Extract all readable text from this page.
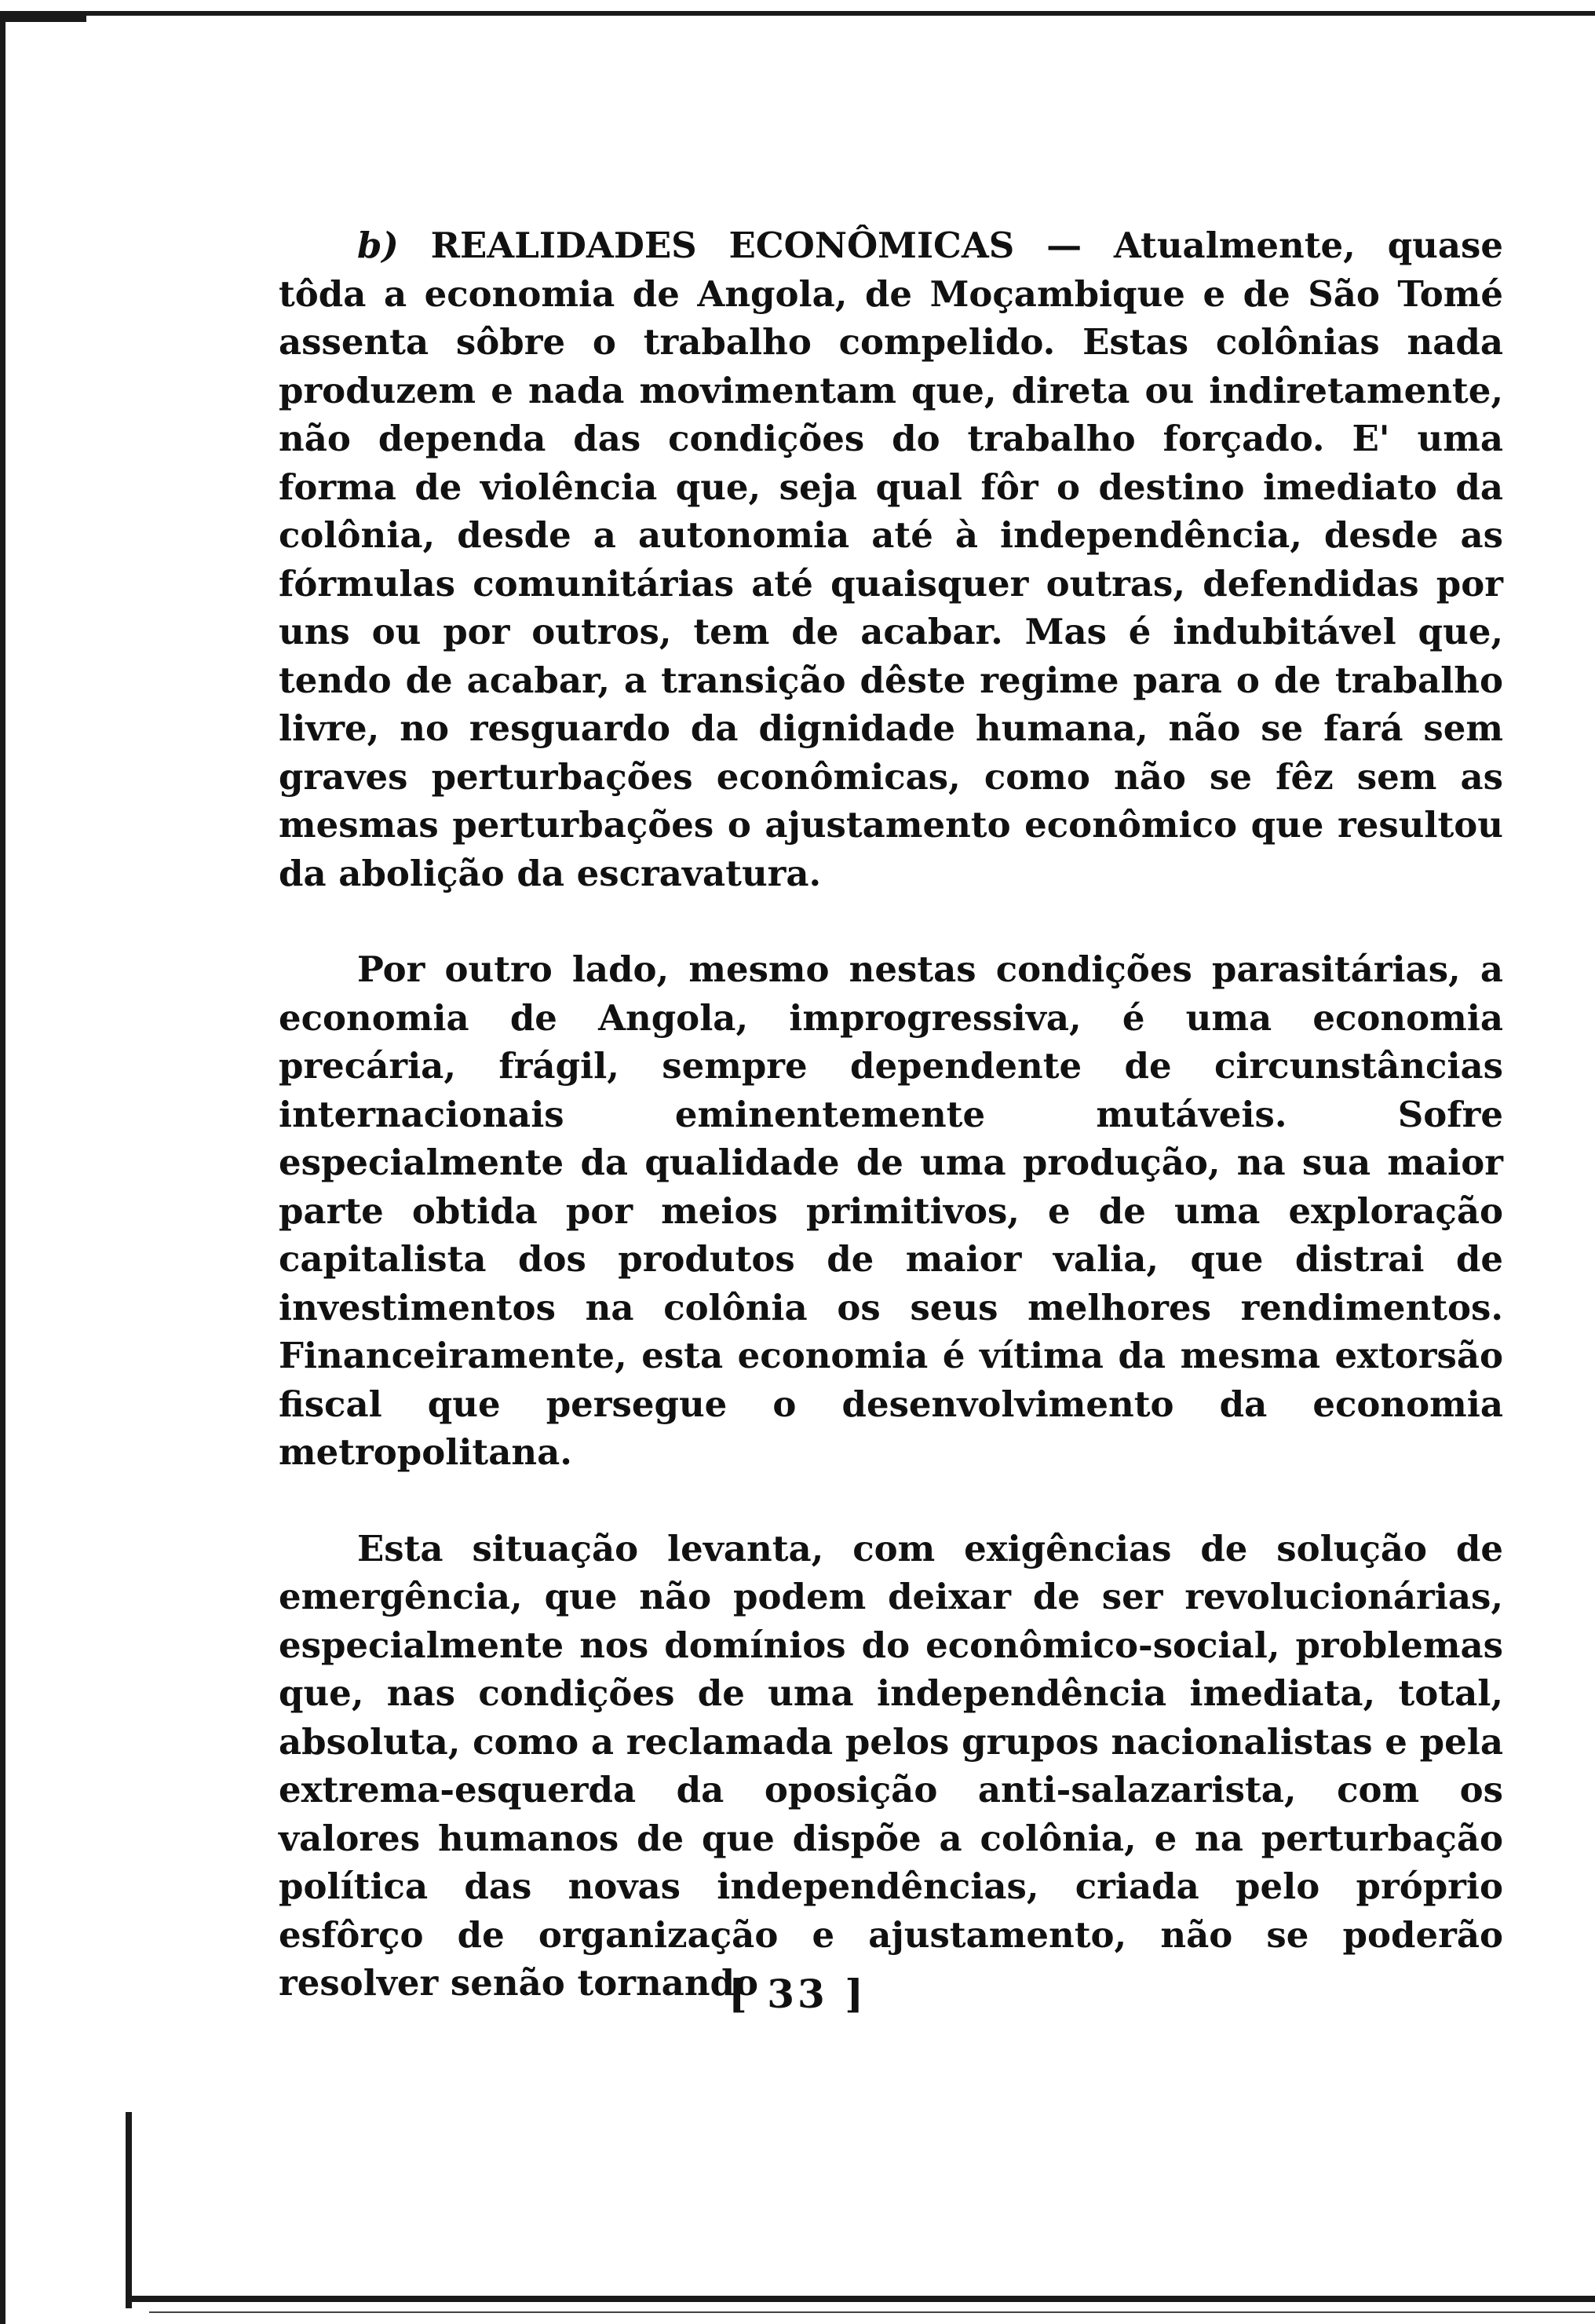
b) REALIDADES ECONÔMICAS — Atualmente, quase tôda a economia de Angola, de Moçambique e de São Tomé assenta sôbre o trabalho compelido. Estas colônias nada produzem e nada movimentam que, direta ou indiretamente, não dependa das condições do trabalho forçado. E' uma forma de violência que, seja qual fôr o destino imediato da colônia, desde a autonomia até à independência, desde as fórmulas comunitárias até quaisquer outras, defendidas por uns ou por outros, tem de acabar. Mas é indubitável que, tendo de acabar, a transição dêste regime para o de trabalho livre, no resguardo da dignidade humana, não se fará sem graves perturbações econômicas, como não se fêz sem as mesmas perturbações o ajustamento econômico que resultou da abolição da escravatura.

Por outro lado, mesmo nestas condições parasitárias, a economia de Angola, improgressiva, é uma economia precária, frágil, sempre dependente de circunstâncias internacionais eminentemente mutáveis. Sofre especialmente da qualidade de uma produção, na sua maior parte obtida por meios primitivos, e de uma exploração capitalista dos produtos de maior valia, que distrai de investimentos na colônia os seus melhores rendimentos. Financeiramente, esta economia é vítima da mesma extorsão fiscal que persegue o desenvolvimento da economia metropolitana.

Esta situação levanta, com exigências de solução de emergência, que não podem deixar de ser revolucionárias, especialmente nos domínios do econômico-social, problemas que, nas condições de uma independência imediata, total, absoluta, como a reclamada pelos grupos nacionalistas e pela extrema-esquerda da oposição anti-salazarista, com os valores humanos de que dispõe a colônia, e na perturbação política das novas independências, criada pelo próprio esfôrço de organização e ajustamento, não se poderão resolver senão tornando

[ 33 ]
